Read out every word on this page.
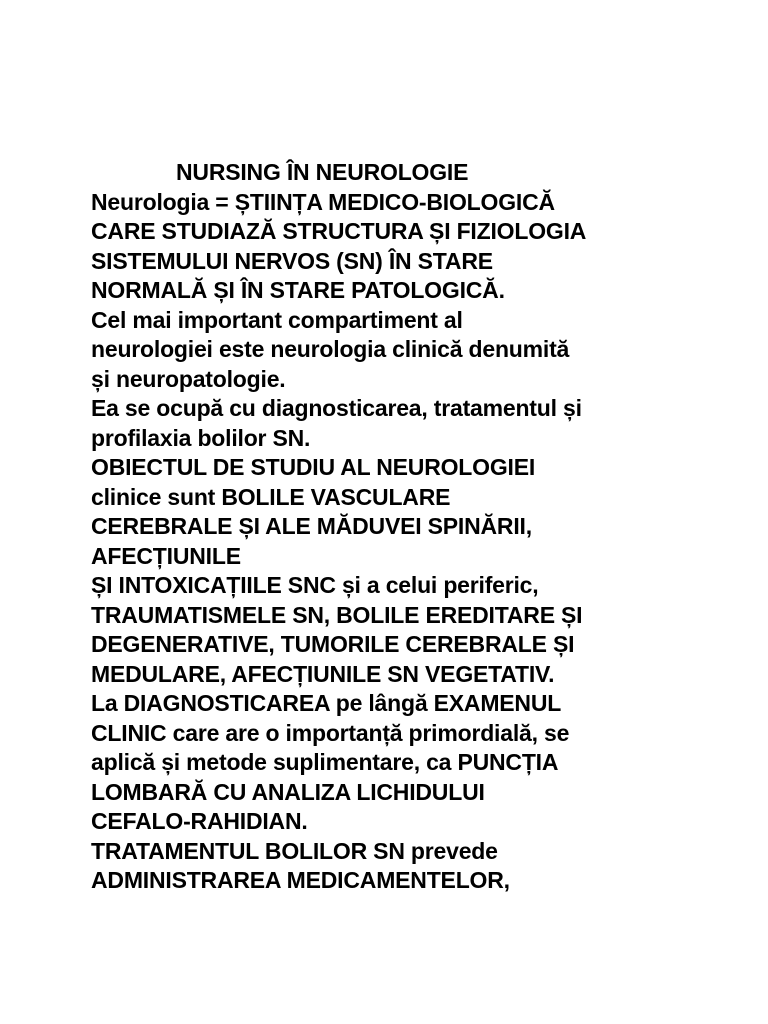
NURSING ÎN NEUROLOGIE
Neurologia = ȘTIINȚA MEDICO-BIOLOGICĂ
CARE STUDIAZĂ STRUCTURA ȘI FIZIOLOGIA
SISTEMULUI NERVOS (SN) ÎN STARE
NORMALĂ ȘI ÎN STARE PATOLOGICĂ.
Cel mai important compartiment al
neurologiei este neurologia clinică denumită
și neuropatologie.
Ea se ocupă cu diagnosticarea, tratamentul și
profilaxia bolilor SN.
OBIECTUL DE STUDIU AL NEUROLOGIEI
clinice sunt BOLILE VASCULARE
CEREBRALE ȘI ALE MĂDUVEI SPINĂRII,
AFECȚIUNILE
ȘI INTOXICAȚIILE SNC și a celui periferic,
TRAUMATISMELE SN, BOLILE EREDITARE ȘI
DEGENERATIVE, TUMORILE CEREBRALE ȘI
MEDULARE, AFECȚIUNILE SN VEGETATIV.
La DIAGNOSTICAREA pe lângă EXAMENUL
CLINIC care are o importanță primordială, se
aplică și metode suplimentare, ca PUNCȚIA
LOMBARĂ CU ANALIZA LICHIDULUI
CEFALO-RAHIDIAN.
TRATAMENTUL BOLILOR SN prevede
ADMINISTRAREA MEDICAMENTELOR,
